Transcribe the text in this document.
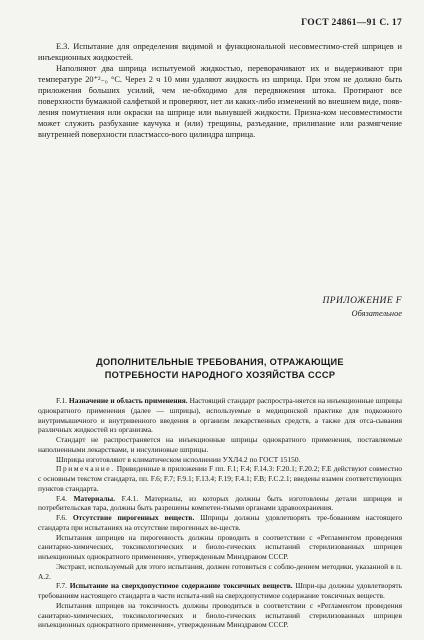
ГОСТ 24861—91 С. 17

Е.3. Испытание для определения видимой и функциональной несовместимо-стей шприцев и инъекционных жидкостей.

Наполняют два шприца испытуемой жидкостью, переворачивают их и выдерживают при температуре 20⁺²₋₀ °С. Через 2 ч 10 мин удаляют жидкость из шприца. При этом не должно быть приложения больших усилий, чем не-обходимо для передвижения штока. Протирают все поверхности бумажной салфеткой и проверяют, нет ли каких-либо изменений во внешнем виде, появ-ления помутнения или окраски на шприце или вынувшей жидкости. Призна-ком несовместимости может служить разбухание каучука и (или) трещины, разъедание, прилипание или размягчение внутренней поверхности пластмассо-вого цилиндра шприца.

ПРИЛОЖЕНИЕ F
Обязательное
ДОПОЛНИТЕЛЬНЫЕ ТРЕБОВАНИЯ, ОТРАЖАЮЩИЕ
ПОТРЕБНОСТИ НАРОДНОГО ХОЗЯЙСТВА СССР

F.1. Назначение и область применения. Настоящий стандарт распростра-няется на инъекционные шприцы однократного применения (далее — шприцы), используемые в медицинской практике для подкожного внутримышечного и внутривенного введения в организм лекарственных средств, а также для отса-сывания различных жидкостей из организма.

Стандарт не распространяется на инъекционные шприцы однократного применения, поставляемые наполненными лекарствами, и инсулиновые шприцы.

Шприцы изготовляют в климатическом исполнении УХЛ4.2 по ГОСТ 15150.

Примечание. Приведенные в приложении F пп. F.1; F.4; F.14.3: F.20.1; F.20.2; F.E действуют совместно с основным текстом стандарта, пп. F.6; F.7; F.9.1; F.13.4; F.19; F.4.1; F.B; F.C.2.1; введены взамен соответствующих пунктов стандарта.

F.4. Материалы. F.4.1. Материалы, из которых должны быть изготовлены детали шприцев и потребительская тара, должны быть разрешены компетен-тными органами здравоохранения.

F.6. Отсутствие пирогенных веществ. Шприцы должны удовлетворять тре-бованиям настоящего стандарта при испытаниях на отсутствие пирогенных ве-ществ.

Испытания шприцев на пирогенность должны проводить в соответствии с «Регламентом проведения санитарно-химических, токсикологических и биоло-гических испытаний стерилизованных шприцев инъекционных однократного применения», утвержденным Минздравом СССР.

Экстракт, используемый для этого испытания, должен готовиться с соблю-дением методики, указанной в п. А.2.

F.7. Испытание на сверхдопустимое содержание токсичных веществ. Шпри-цы должны удовлетворять требованиям настоящего стандарта в части испыта-ний на сверхдопустимое содержание токсичных веществ.

Испытания шприцев на токсичность должны проводиться в соответствии с «Регламентом проведения санитарно-химических, токсикологических и биоло-гических испытаний стерилизованных шприцев инъекционных однократного применения», утвержденным Минздравом СССР.
